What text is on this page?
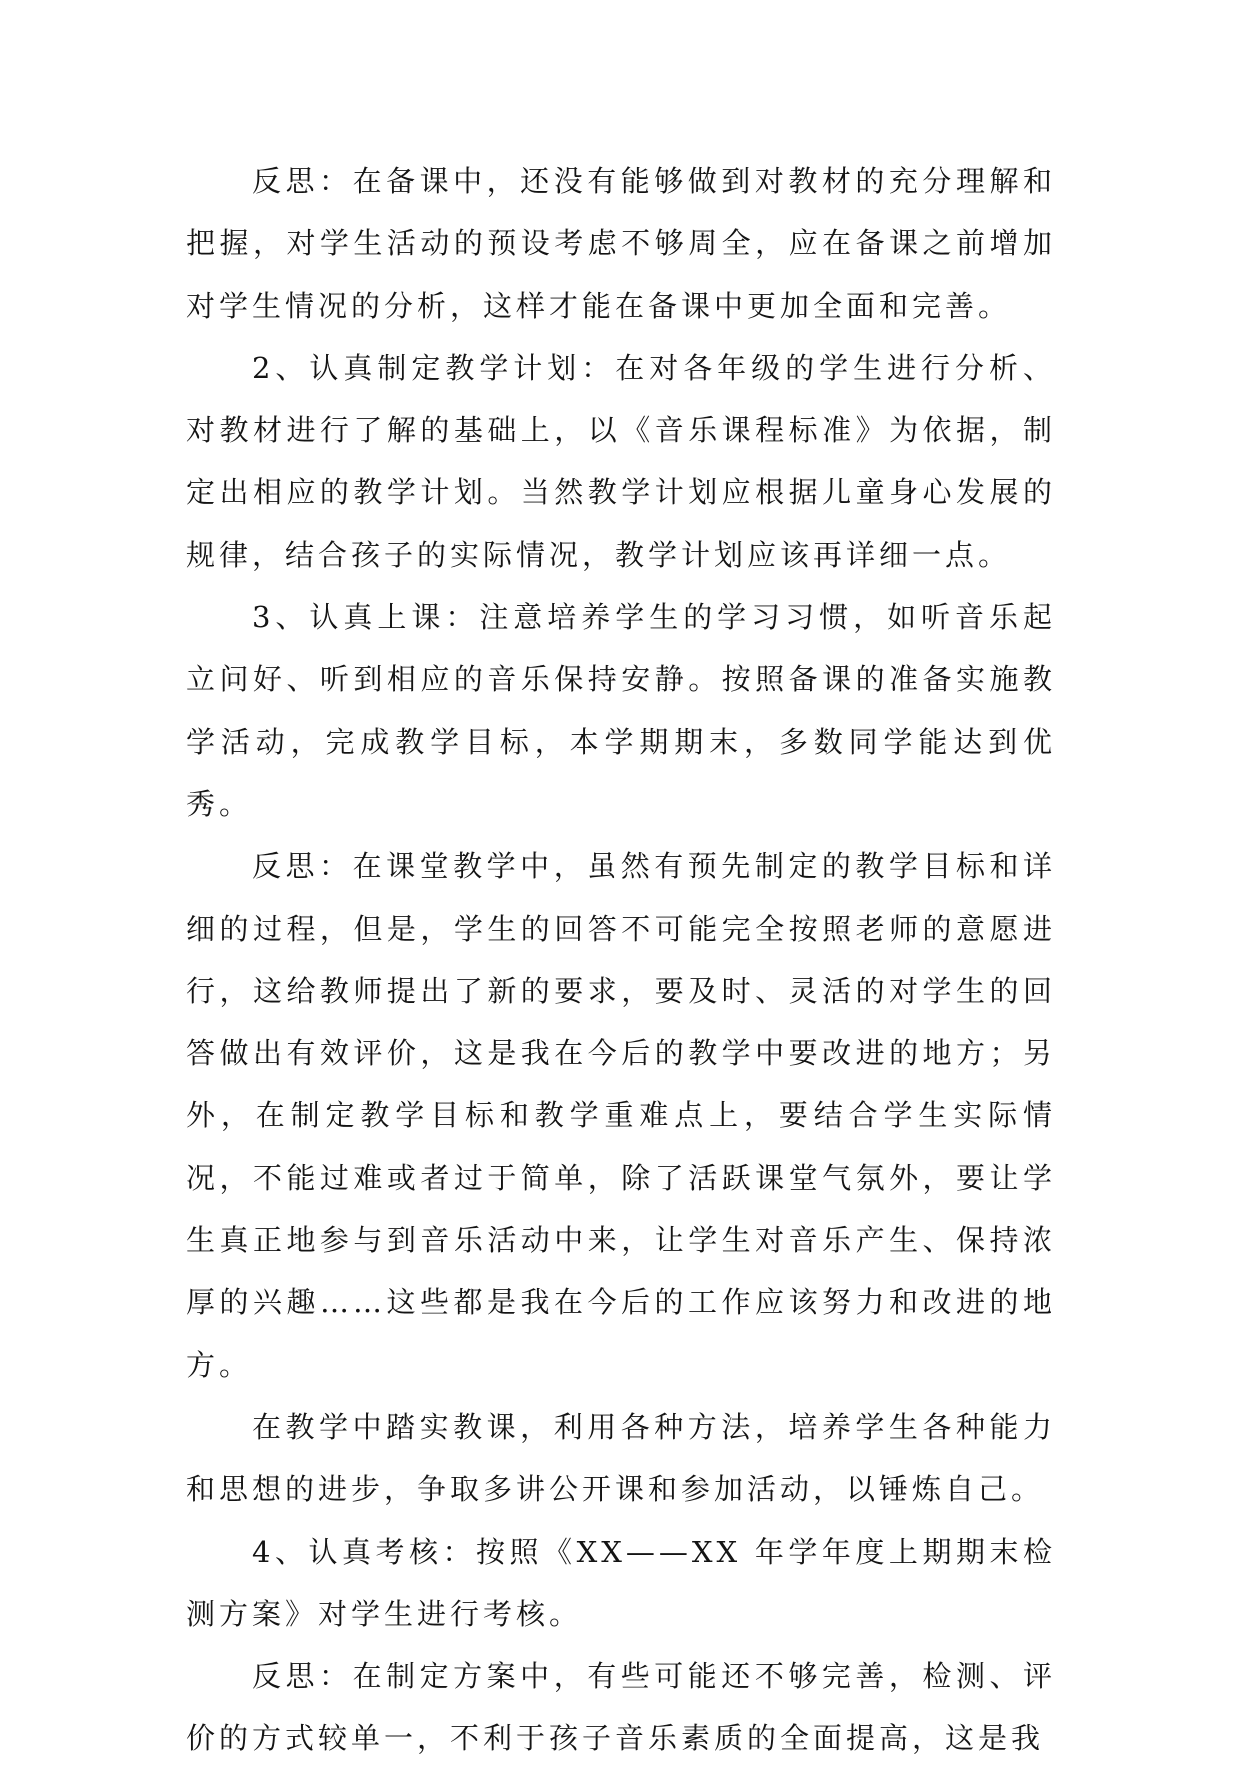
反思：在备课中，还没有能够做到对教材的充分理解和把握，对学生活动的预设考虑不够周全，应在备课之前增加对学生情况的分析，这样才能在备课中更加全面和完善。

2、认真制定教学计划：在对各年级的学生进行分析、对教材进行了解的基础上，以《音乐课程标准》为依据，制定出相应的教学计划。当然教学计划应根据儿童身心发展的规律，结合孩子的实际情况，教学计划应该再详细一点。

3、认真上课：注意培养学生的学习习惯，如听音乐起立问好、听到相应的音乐保持安静。按照备课的准备实施教学活动，完成教学目标，本学期期末，多数同学能达到优秀。

反思：在课堂教学中，虽然有预先制定的教学目标和详细的过程，但是，学生的回答不可能完全按照老师的意愿进行，这给教师提出了新的要求，要及时、灵活的对学生的回答做出有效评价，这是我在今后的教学中要改进的地方；另外，在制定教学目标和教学重难点上，要结合学生实际情况，不能过难或者过于简单，除了活跃课堂气氛外，要让学生真正地参与到音乐活动中来，让学生对音乐产生、保持浓厚的兴趣……这些都是我在今后的工作应该努力和改进的地方。

在教学中踏实教课，利用各种方法，培养学生各种能力和思想的进步，争取多讲公开课和参加活动，以锤炼自己。

4、认真考核：按照《XX——XX 年学年度上期期末检测方案》对学生进行考核。

反思：在制定方案中，有些可能还不够完善，检测、评价的方式较单一，不利于孩子音乐素质的全面提高，这是我
